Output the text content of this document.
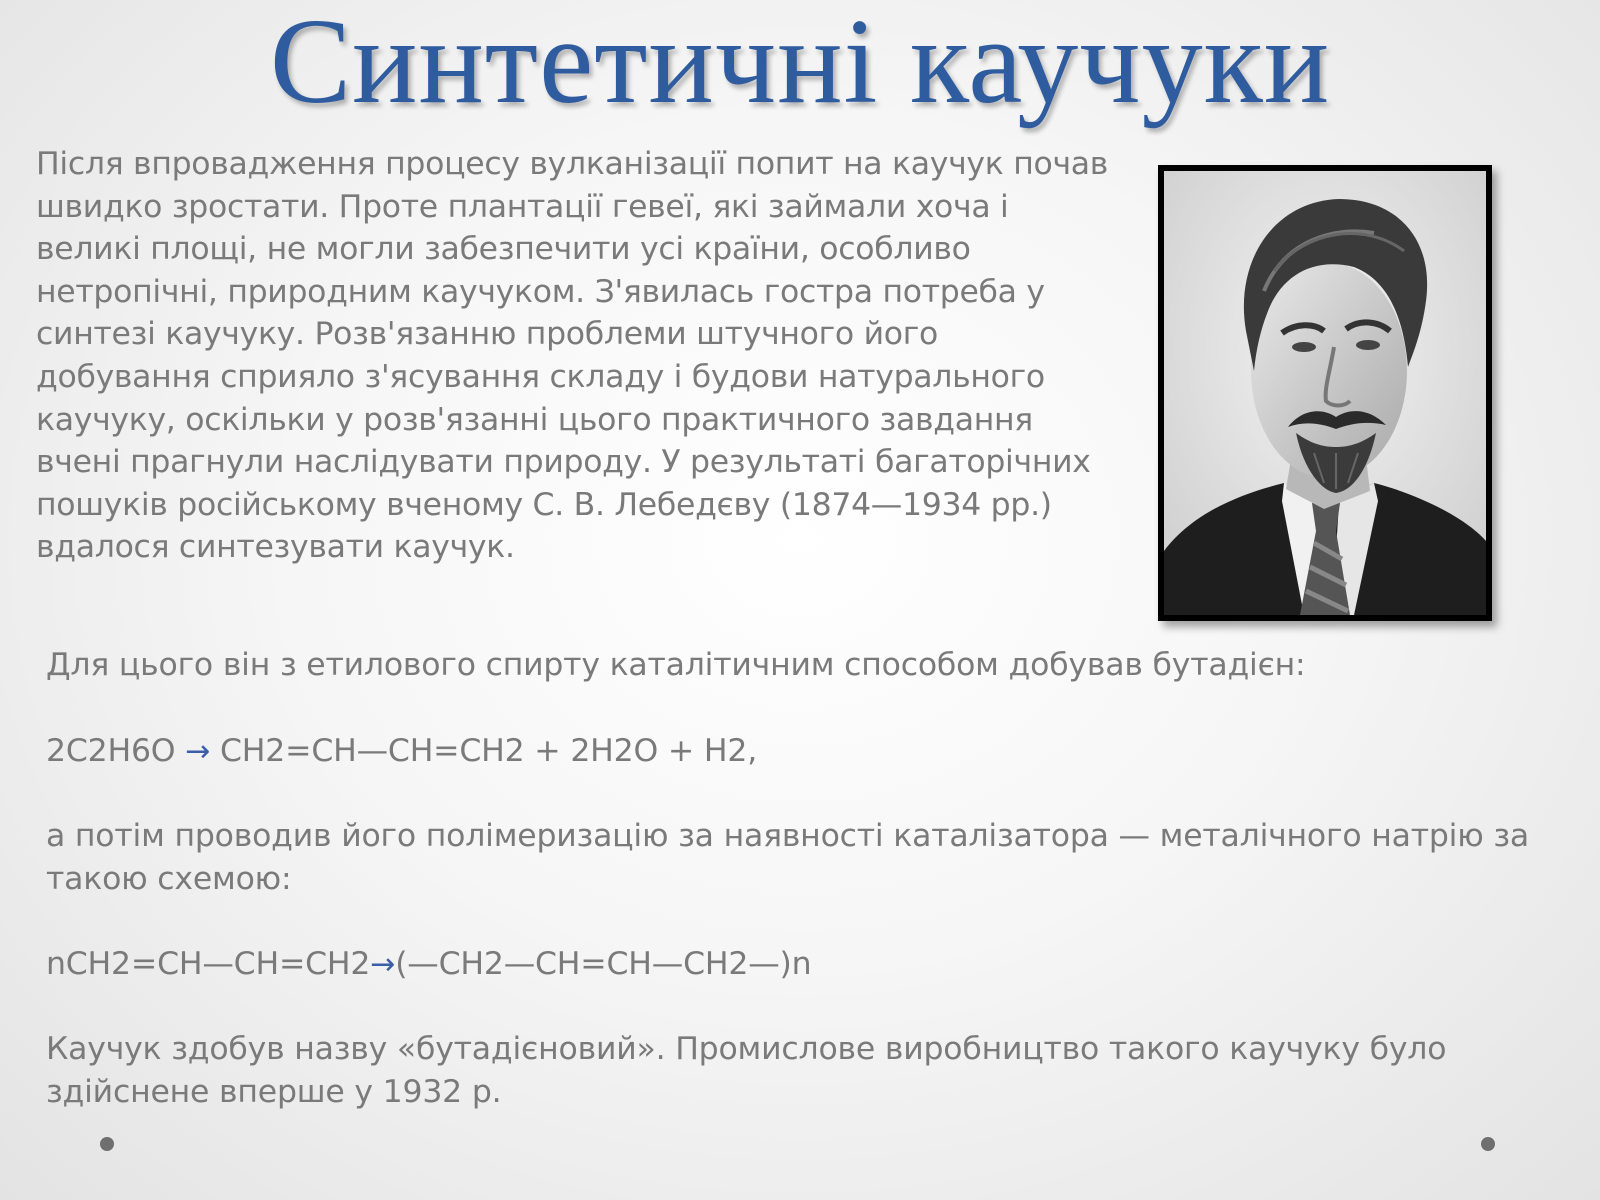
Синтетичні каучуки

Після впровадження процесу вулканізації попит на каучук почав швидко зростати. Проте плантації гевеї, які займали хоча і великі площі, не могли забезпечити усі країни, особливо нетропічні, природним каучуком. З'явилась гостра потреба у синтезі каучуку. Розв'язанню проблеми штучного його добування сприяло з'ясування складу і будови натурального каучуку, оскільки у розв'язанні цього практичного завдання вчені прагнули наслідувати природу. У результаті багаторічних пошуків російському вченому С. В. Лебедєву (1874—1934 рр.) вдалося синтезувати каучук.

Для цього він з етилового спирту каталітичним способом добував бутадієн:

2C2H6O → CH2=CH—CH=CH2 + 2H2O + H2,

а потім проводив його полімеризацію за наявності каталізатора — металічного натрію за такою схемою:

nCH2=CH—CH=CH2→(—CH2—CH=CH—CH2—)n

Каучук здобув назву «бутадієновий». Промислове виробництво такого каучуку було здійснене вперше у 1932 р.
